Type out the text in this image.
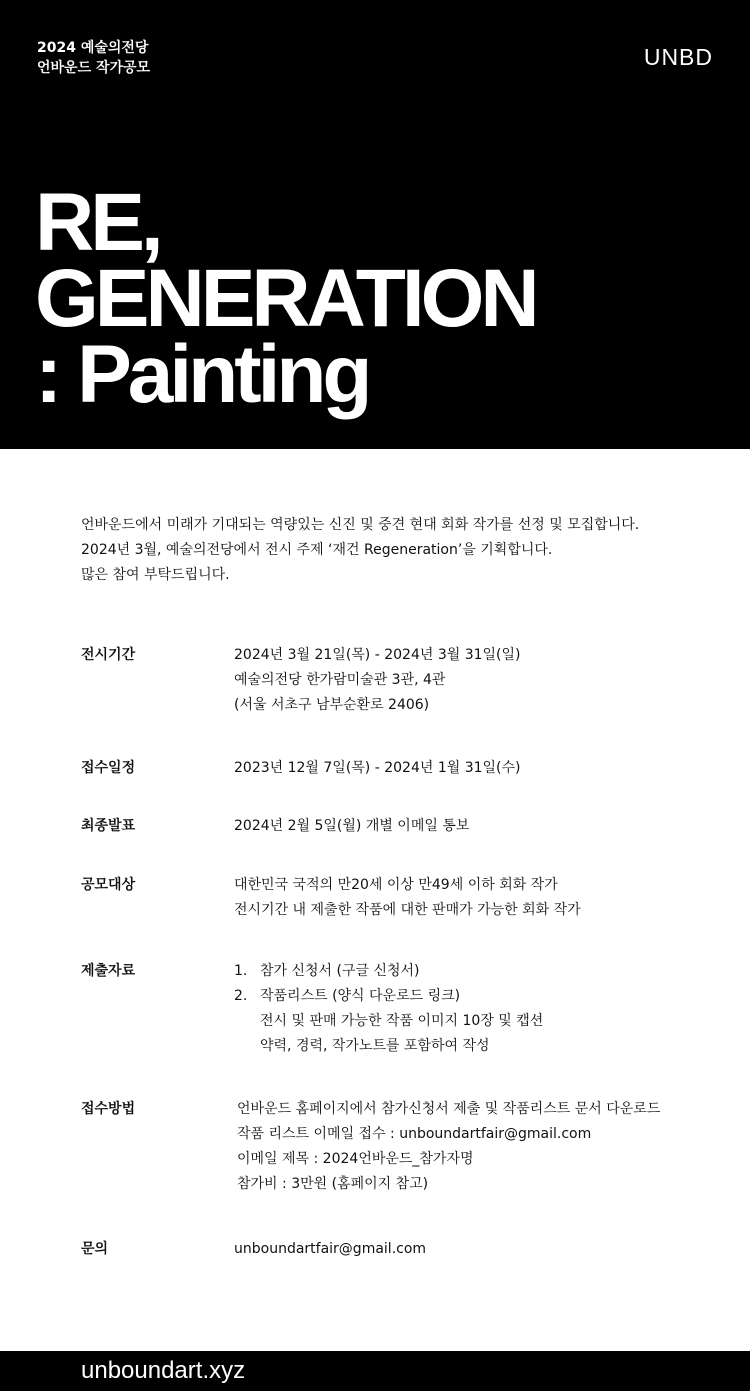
2024 예술의전당
언바운드 작가공모	UNBD
RE,
GENERATION
: Painting
언바운드에서 미래가 기대되는 역량있는 신진 및 중견 현대 회화 작가를 선정 및 모집합니다.
2024년 3월, 예술의전당에서 전시 주제 ‘재건 Regeneration’을 기획합니다.
많은 참여 부탁드립니다.
전시기간	2024년 3월 21일(목) - 2024년 3월 31일(일)
예술의전당 한가람미술관 3관, 4관
(서울 서초구 남부순환로 2406)
접수일정	2023년 12월 7일(목) - 2024년 1월 31일(수)
최종발표	2024년 2월 5일(월) 개별 이메일 통보
공모대상	대한민국 국적의 만20세 이상 만49세 이하 회화 작가
전시기간 내 제출한 작품에 대한 판매가 가능한 회화 작가
제출자료	1. 참가 신청서 (구글 신청서)
2. 작품리스트 (양식 다운로드 링크)
전시 및 판매 가능한 작품 이미지 10장 및 캡션
약력, 경력, 작가노트를 포함하여 작성
접수방법	언바운드 홈페이지에서 참가신청서 제출 및 작품리스트 문서 다운로드
작품 리스트 이메일 접수 : unboundartfair@gmail.com
이메일 제목 : 2024언바운드_참가자명
참가비 : 3만원 (홈페이지 참고)
문의	unboundartfair@gmail.com
unboundart.xyz
